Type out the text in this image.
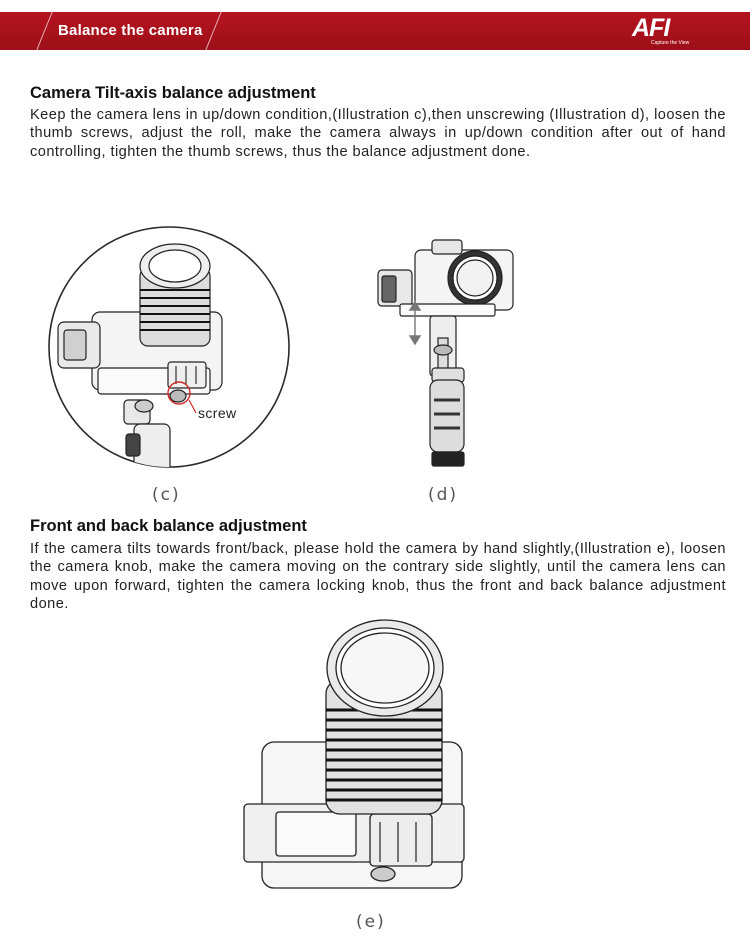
Balance the camera	AFI
Capture the View
Camera Tilt-axis balance adjustment

Keep the camera lens in up/down condition,(Illustration c),then unscrewing (Illustration d), loosen the thumb screws, adjust the roll, make the camera always in up/down condition after out of hand controlling, tighten the thumb screws, thus the balance adjustment done.

screw
(c)	(d)
Front and back balance adjustment

If the camera tilts towards front/back, please hold the camera by hand slightly,(Illustration e), loosen the camera knob, make the camera moving on the contrary side slightly, until the camera lens can move upon forward, tighten the camera locking knob, thus the front and back balance adjustment done.

(e)
